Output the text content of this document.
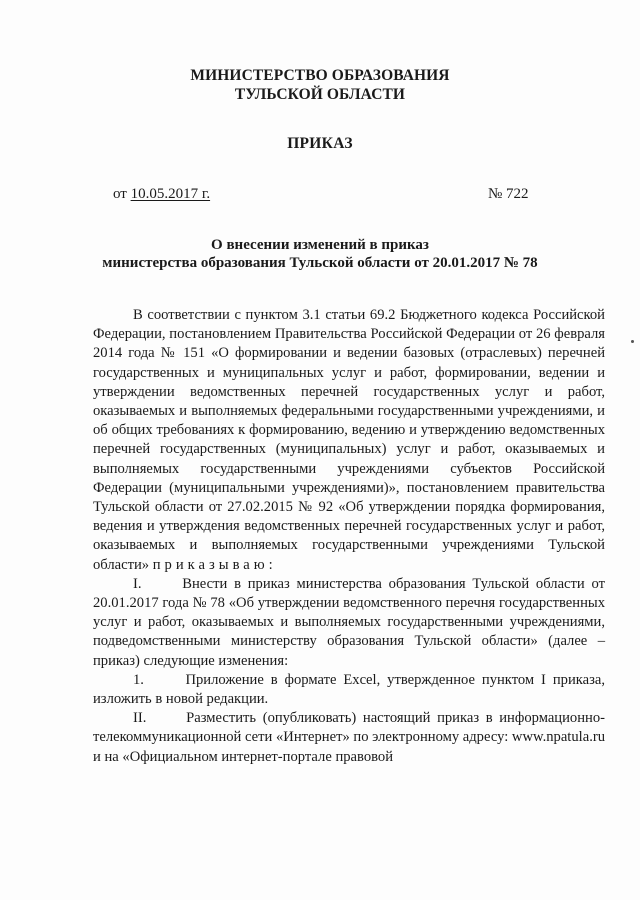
МИНИСТЕРСТВО ОБРАЗОВАНИЯ
ТУЛЬСКОЙ ОБЛАСТИ
ПРИКАЗ
от 10.05.2017 г.	№ 722
О внесении изменений в приказ
министерства образования Тульской области от 20.01.2017 № 78

В соответствии с пунктом 3.1 статьи 69.2 Бюджетного кодекса Российской Федерации, постановлением Правительства Российской Федерации от 26 февраля 2014 года № 151 «О формировании и ведении базовых (отраслевых) перечней государственных и муниципальных услуг и работ, формировании, ведении и утверждении ведомственных перечней государственных услуг и работ, оказываемых и выполняемых федеральными государственными учреждениями, и об общих требованиях к формированию, ведению и утверждению ведомственных перечней государственных (муниципальных) услуг и работ, оказываемых и выполняемых государственными учреждениями субъектов Российской Федерации (муниципальными учреждениями)», постановлением правительства Тульской области от 27.02.2015 № 92 «Об утверждении порядка формирования, ведения и утверждения ведомственных перечней государственных услуг и работ, оказываемых и выполняемых государственными учреждениями Тульской области» приказываю:

I.      Внести в приказ министерства образования Тульской области от 20.01.2017 года № 78 «Об утверждении ведомственного перечня государственных услуг и работ, оказываемых и выполняемых государственными учреждениями, подведомственными министерству образования Тульской области» (далее – приказ) следующие изменения:

1.      Приложение в формате Excel, утвержденное пунктом I приказа, изложить в новой редакции.

II.      Разместить (опубликовать) настоящий приказ в информационно-телекоммуникационной сети «Интернет» по электронному адресу: www.npatula.ru и на «Официальном интернет-портале правовой
